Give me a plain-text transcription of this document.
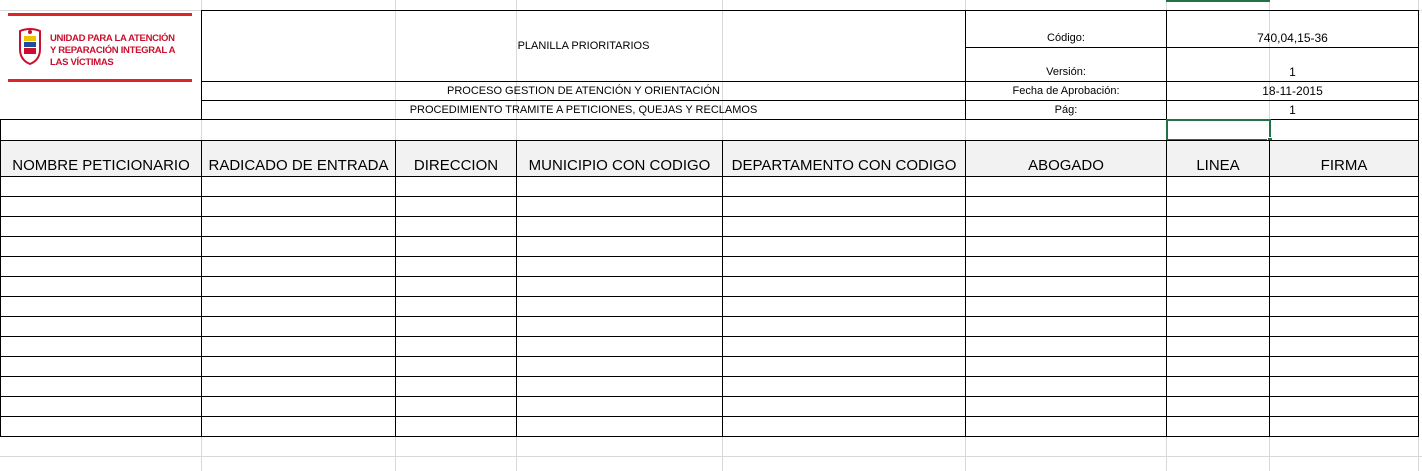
UNIDAD PARA LA ATENCIÓN
Y REPARACIÓN INTEGRAL A LAS VÍCTIMAS
PLANILLA PRIORITARIOS
PROCESO GESTION DE ATENCIÓN Y ORIENTACIÓN
PROCEDIMIENTO TRAMITE A PETICIONES, QUEJAS Y RECLAMOS
Código:	740,04,15-36
Versión:	1
Fecha de Aprobación:	18-11-2015
Pág:	1
NOMBRE PETICIONARIO	RADICADO DE ENTRADA	DIRECCION	MUNICIPIO CON CODIGO	DEPARTAMENTO CON CODIGO	ABOGADO	LINEA	FIRMA
